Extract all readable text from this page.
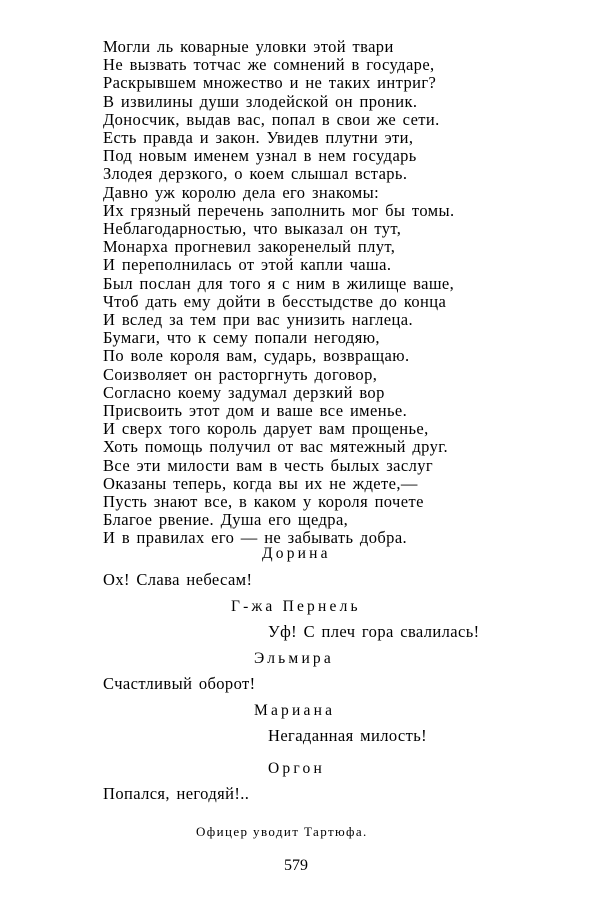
Могли ль коварные уловки этой твари
Не вызвать тотчас же сомнений в государе,
Раскрывшем множество и не таких интриг?
В извилины души злодейской он проник.
Доносчик, выдав вас, попал в свои же сети.
Есть правда и закон. Увидев плутни эти,
Под новым именем узнал в нем государь
Злодея дерзкого, о коем слышал встарь.
Давно уж королю дела его знакомы:
Их грязный перечень заполнить мог бы томы.
Неблагодарностью, что выказал он тут,
Монарха прогневил закоренелый плут,
И переполнилась от этой капли чаша.
Был послан для того я с ним в жилище ваше,
Чтоб дать ему дойти в бесстыдстве до конца
И вслед за тем при вас унизить наглеца.
Бумаги, что к сему попали негодяю,
По воле короля вам, сударь, возвращаю.
Соизволяет он расторгнуть договор,
Согласно коему задумал дерзкий вор
Присвоить этот дом и ваше все именье.
И сверх того король дарует вам прощенье,
Хоть помощь получил от вас мятежный друг.
Все эти милости вам в честь былых заслуг
Оказаны теперь, когда вы их не ждете,—
Пусть знают все, в каком у короля почете
Благое рвение. Душа его щедра,
И в правилах его — не забывать добра.
Дорина
Ох! Слава небесам!
Г-жа Пернель
Уф! С плеч гора свалилась!
Эльмира
Счастливый оборот!
Мариана
Негаданная милость!
Оргон
Попался, негодяй!..
Офицер уводит Тартюфа.
579
